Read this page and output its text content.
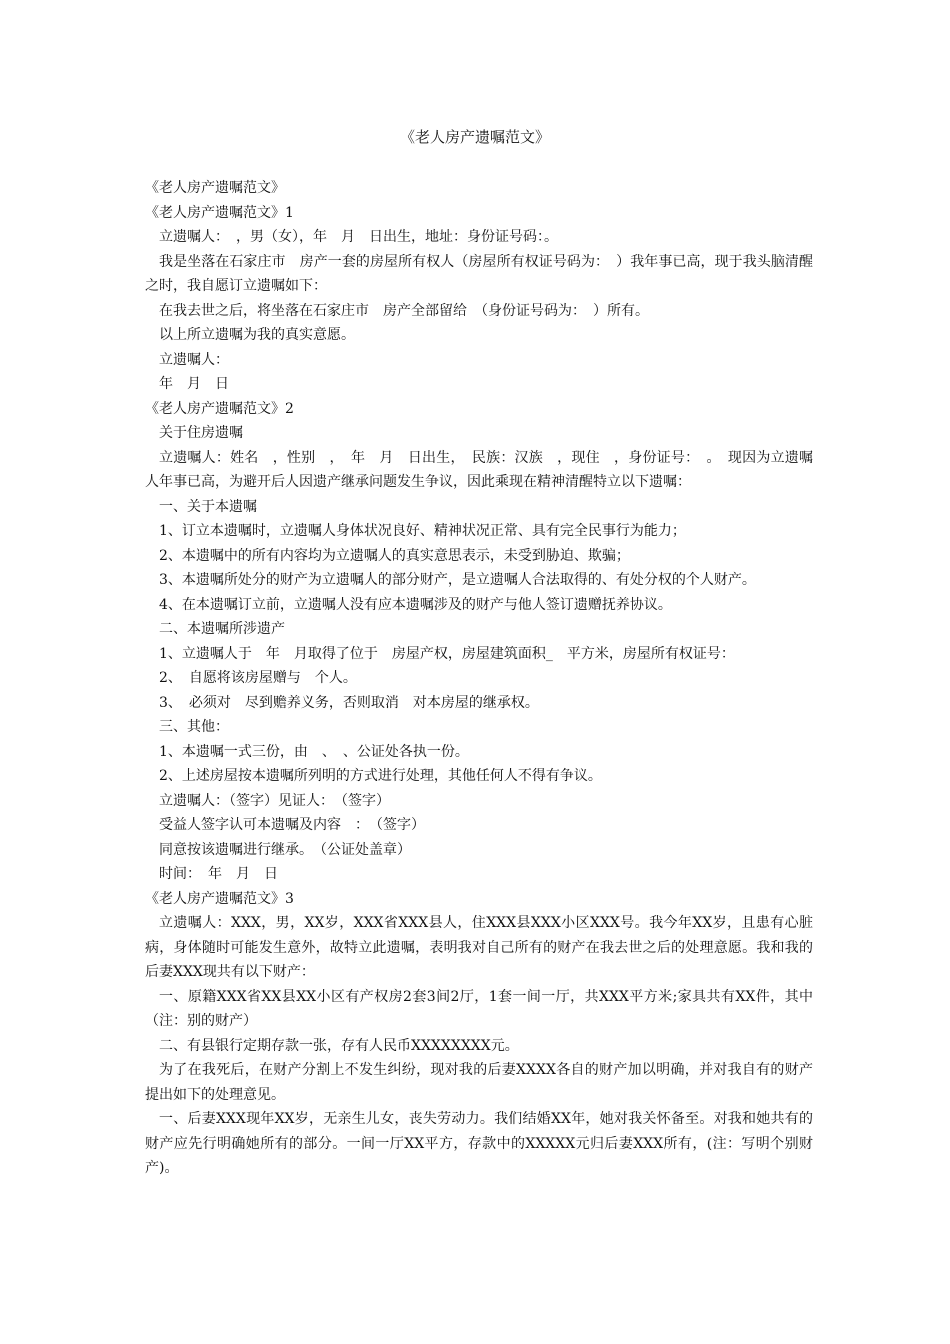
《老人房产遗嘱范文》

《老人房产遗嘱范文》

《老人房产遗嘱范文》1

立遗嘱人：　，男（女），年　月　日出生，地址：身份证号码：。

我是坐落在石家庄市　房产一套的房屋所有权人（房屋所有权证号码为：　）我年事已高，现于我头脑清醒之时，我自愿订立遗嘱如下：

在我去世之后，将坐落在石家庄市　房产全部留给　（身份证号码为：　）所有。

以上所立遗嘱为我的真实意愿。

立遗嘱人：

年　月　日

《老人房产遗嘱范文》2

关于住房遗嘱

立遗嘱人：姓名　，性别　，　年　月　日出生，　民族：汉族　，现住　，身份证号：　。　现因为立遗嘱人年事已高，为避开后人因遗产继承问题发生争议，因此乘现在精神清醒特立以下遗嘱：

一、关于本遗嘱

1、订立本遗嘱时，立遗嘱人身体状况良好、精神状况正常、具有完全民事行为能力；

2、本遗嘱中的所有内容均为立遗嘱人的真实意思表示，未受到胁迫、欺骗；

3、本遗嘱所处分的财产为立遗嘱人的部分财产，是立遗嘱人合法取得的、有处分权的个人财产。

4、在本遗嘱订立前，立遗嘱人没有应本遗嘱涉及的财产与他人签订遗赠抚养协议。

二、本遗嘱所涉遗产

1、立遗嘱人于　年　月取得了位于　房屋产权，房屋建筑面积_　平方米，房屋所有权证号：

2、　自愿将该房屋赠与　个人。

3、　必须对　尽到赡养义务，否则取消　对本房屋的继承权。

三、其他：

1、本遗嘱一式三份，由　、　、公证处各执一份。

2、上述房屋按本遗嘱所列明的方式进行处理，其他任何人不得有争议。

立遗嘱人：（签字）见证人：　（签字）

受益人签字认可本遗嘱及内容　：　（签字）

同意按该遗嘱进行继承。　（公证处盖章）

时间：　年　月　日

《老人房产遗嘱范文》3

立遗嘱人：XXX，男，XX岁，XXX省XXX县人，住XXX县XXX小区XXX号。我今年XX岁，且患有心脏病，身体随时可能发生意外，故特立此遗嘱，表明我对自己所有的财产在我去世之后的处理意愿。我和我的后妻XXX现共有以下财产：

一、原籍XXX省XX县XX小区有产权房2套3间2厅，1套一间一厅，共XXX平方米;家具共有XX件，其中（注：别的财产）

二、有县银行定期存款一张，存有人民币XXXXXXXX元。

为了在我死后，在财产分割上不发生纠纷，现对我的后妻XXXX各自的财产加以明确，并对我自有的财产提出如下的处理意见。

一、后妻XXX现年XX岁，无亲生儿女，丧失劳动力。我们结婚XX年，她对我关怀备至。对我和她共有的财产应先行明确她所有的部分。一间一厅XX平方，存款中的XXXXX元归后妻XXX所有，(注：写明个别财产)。
